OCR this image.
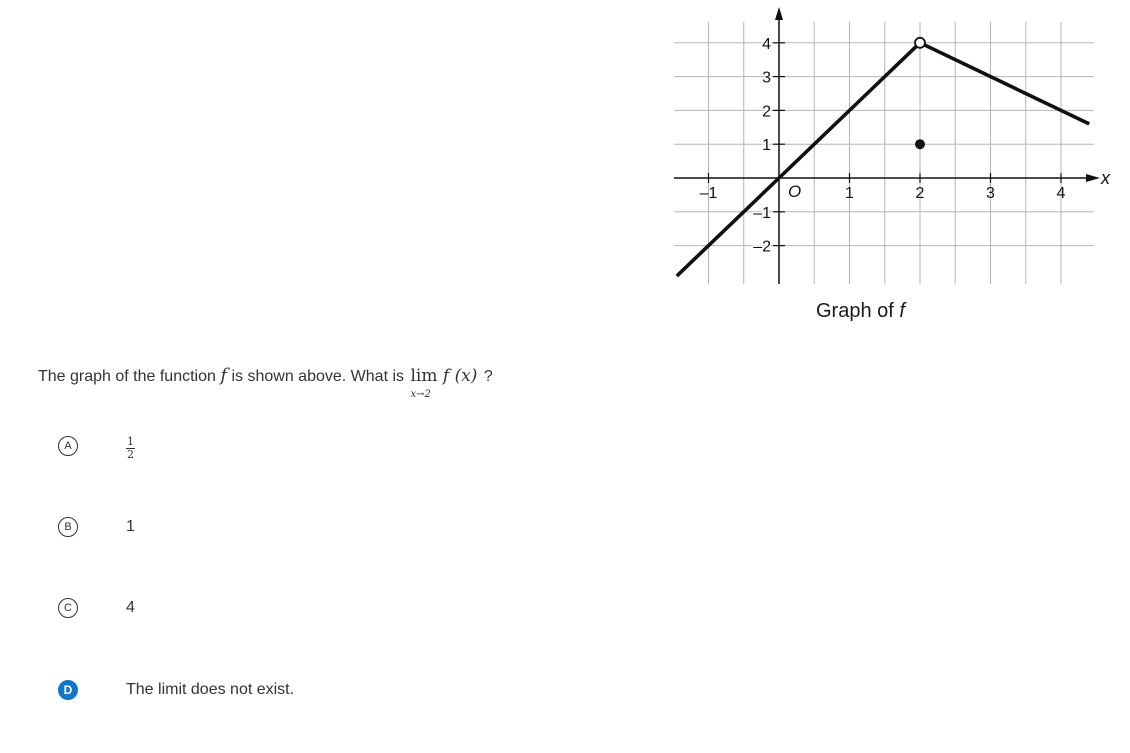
–1	1	2	3	4
–2
–1
1
2
3
4
O
x
Graph of f
The graph of the function f is shown above. What is lim f (x)
x→2
?
A	$\frac{1}{2}$
B	1
C	4
D	The limit does not exist.
